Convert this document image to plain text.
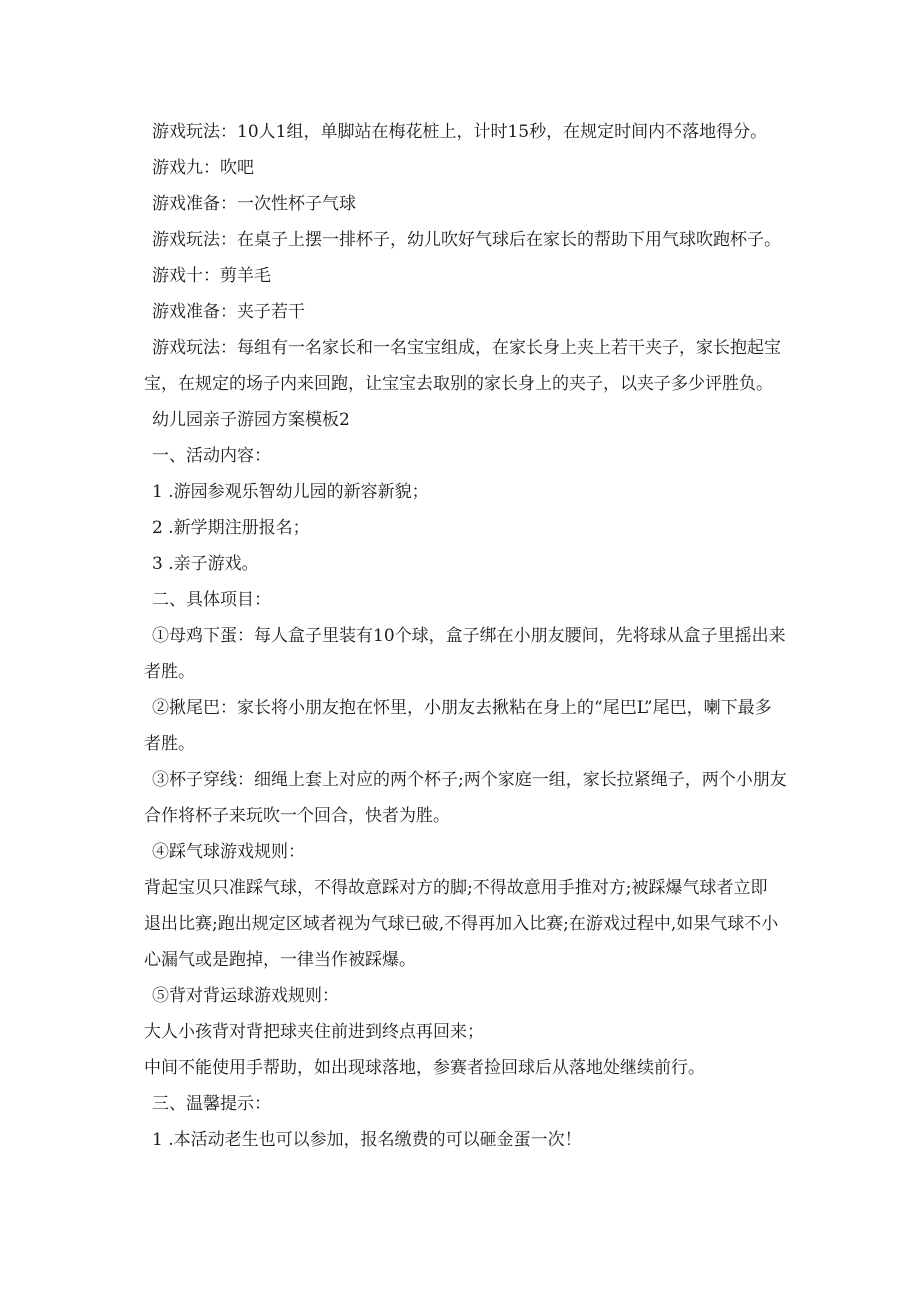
游戏玩法：10人1组，单脚站在梅花桩上，计时15秒，在规定时间内不落地得分。

游戏九：吹吧

游戏准备：一次性杯子气球

游戏玩法：在桌子上摆一排杯子，幼儿吹好气球后在家长的帮助下用气球吹跑杯子。

游戏十：剪羊毛

游戏准备：夹子若干

游戏玩法：每组有一名家长和一名宝宝组成，在家长身上夹上若干夹子，家长抱起宝
宝，在规定的场子内来回跑，让宝宝去取别的家长身上的夹子，以夹子多少评胜负。

幼儿园亲子游园方案模板2

一、活动内容：

1 .游园参观乐智幼儿园的新容新貌；

2 .新学期注册报名；

3 .亲子游戏。

二、具体项目：

①母鸡下蛋：每人盒子里装有10个球，盒子绑在小朋友腰间，先将球从盒子里摇出来
者胜。

②揪尾巴：家长将小朋友抱在怀里，小朋友去揪粘在身上的“尾巴L”尾巴，喇下最多
者胜。

③杯子穿线：细绳上套上对应的两个杯子;两个家庭一组，家长拉紧绳子，两个小朋友
合作将杯子来玩吹一个回合，快者为胜。

④踩气球游戏规则：

背起宝贝只准踩气球，不得故意踩对方的脚;不得故意用手推对方;被踩爆气球者立即
退出比赛;跑出规定区域者视为气球已破,不得再加入比赛;在游戏过程中,如果气球不小
心漏气或是跑掉，一律当作被踩爆。

⑤背对背运球游戏规则：

大人小孩背对背把球夹住前进到终点再回来；

中间不能使用手帮助，如出现球落地，参赛者捡回球后从落地处继续前行。

三、温馨提示：

1 .本活动老生也可以参加，报名缴费的可以砸金蛋一次！
